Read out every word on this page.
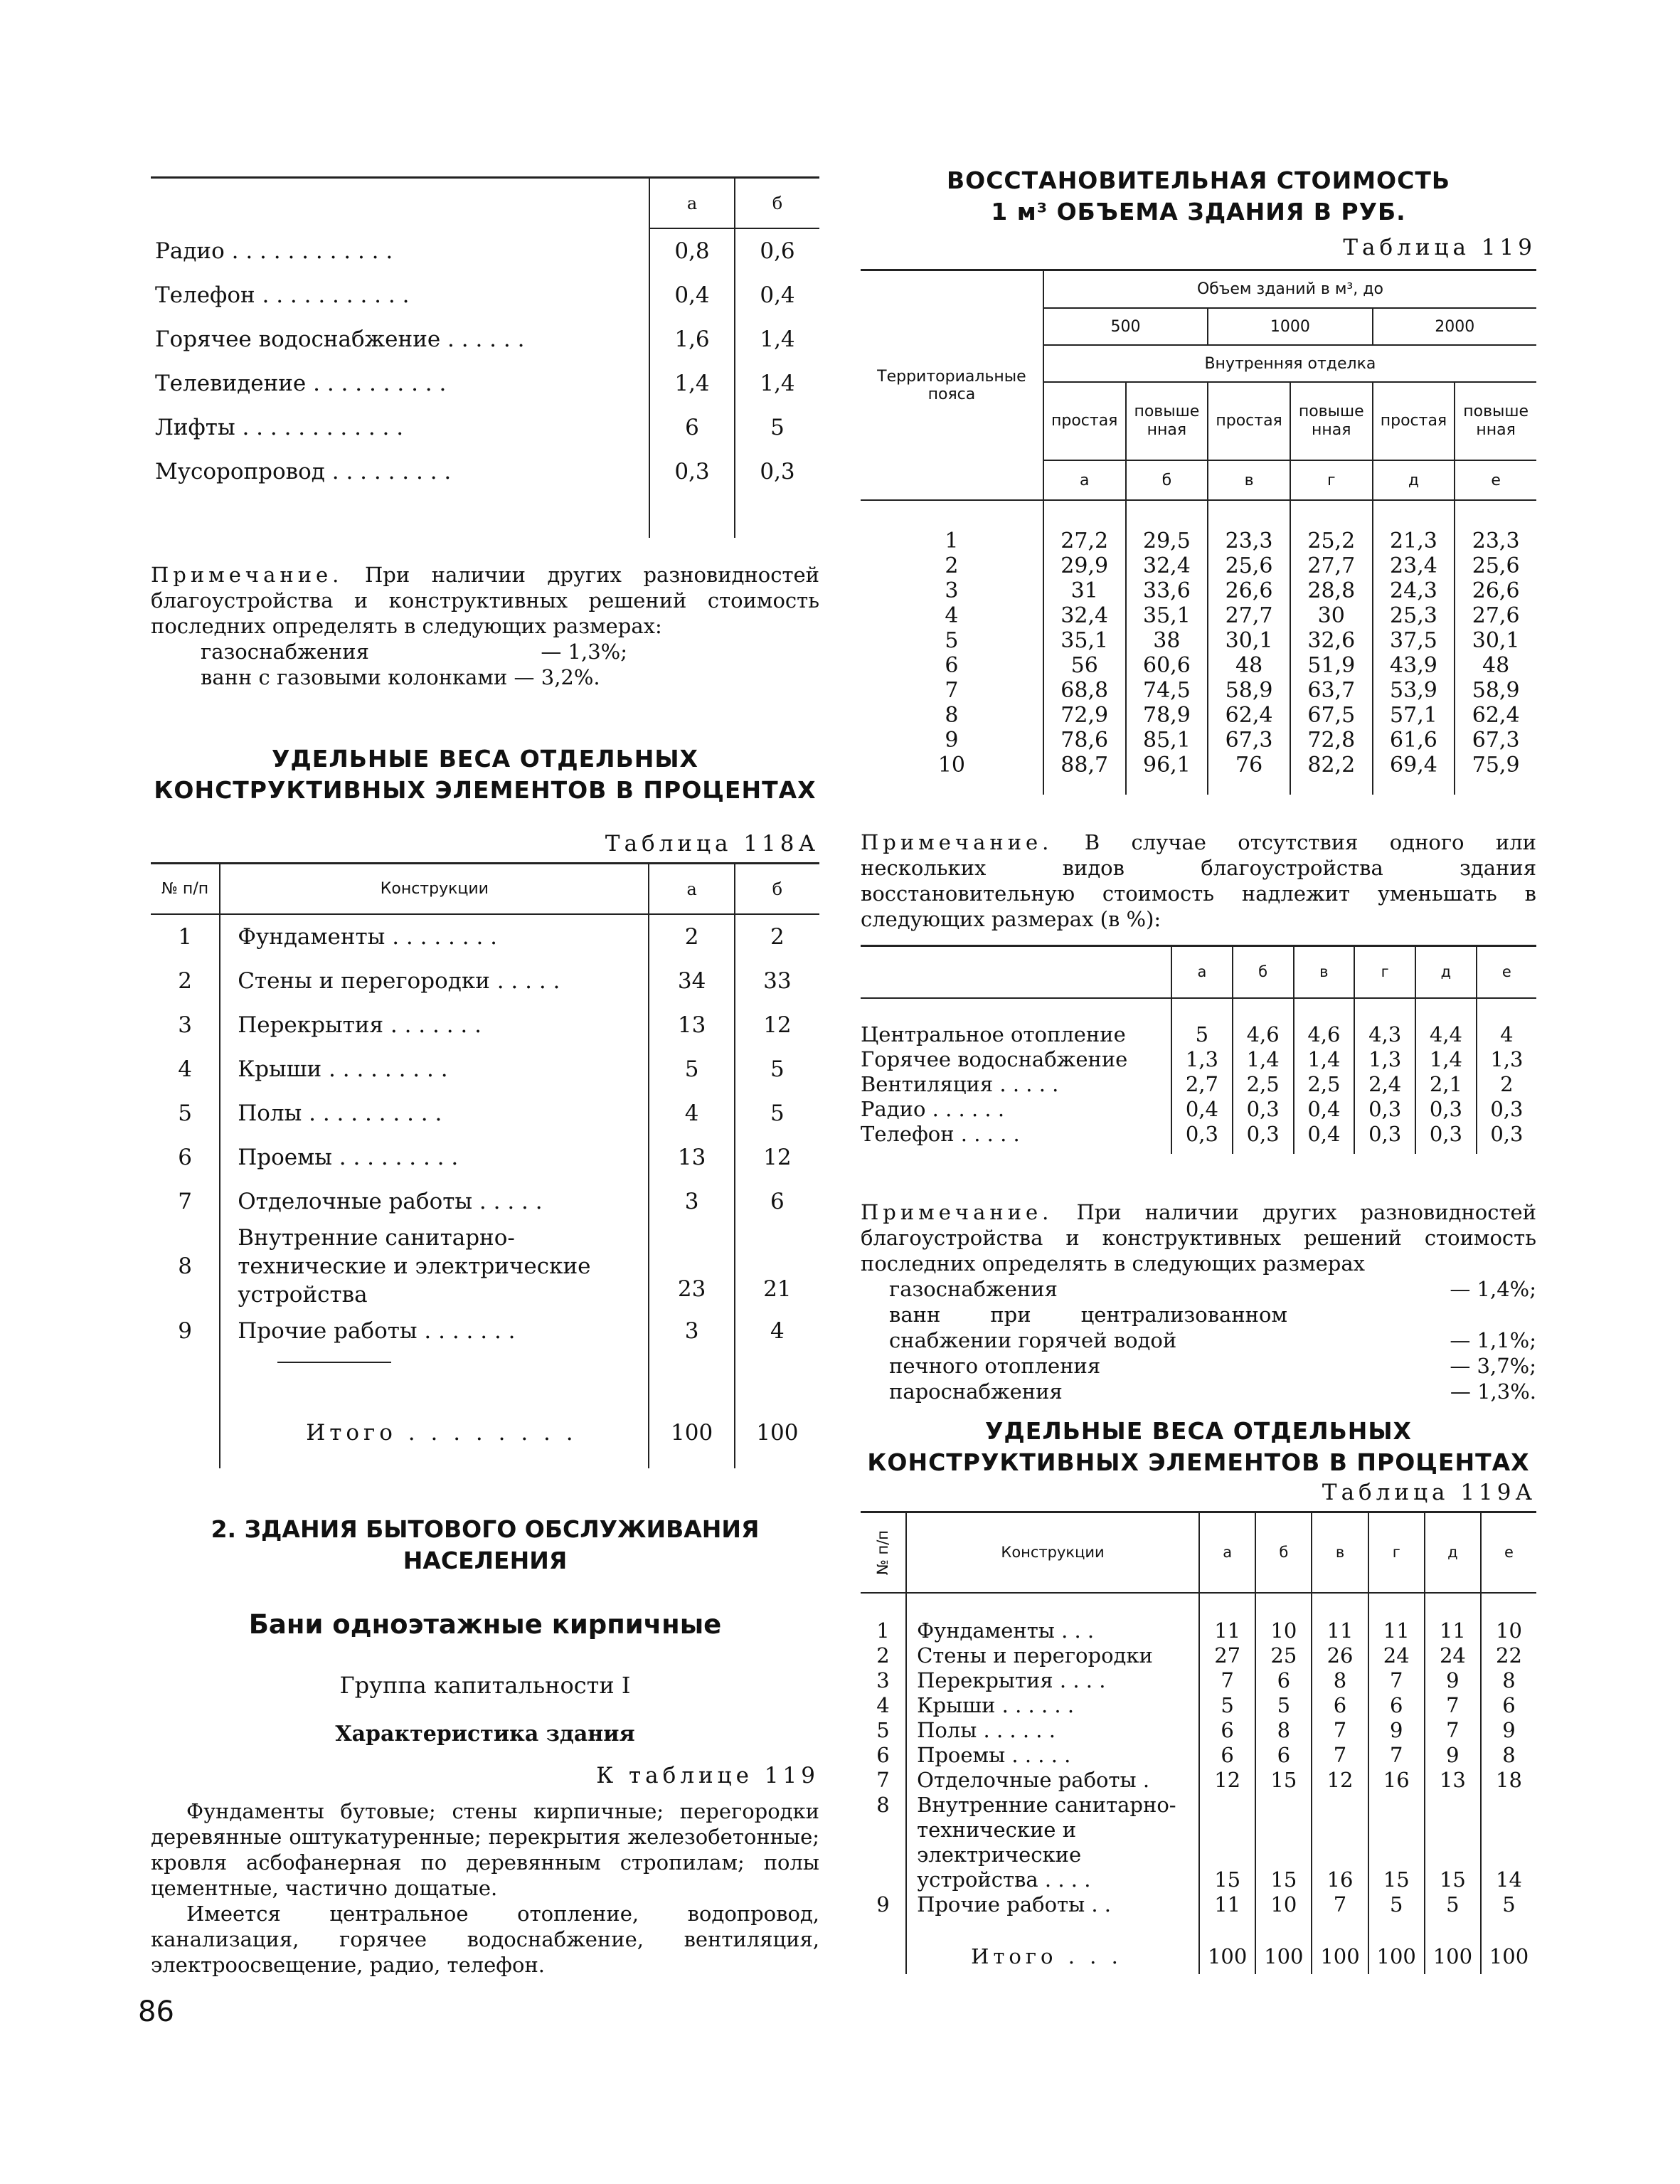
	а	б
Радио . . . . . . . . . . . .	0,8	0,6
Телефон . . . . . . . . . . .	0,4	0,4
Горячее водоснабжение . . . . . .	1,6	1,4
Телевидение . . . . . . . . . .	1,4	1,4
Лифты . . . . . . . . . . . .	6	5
Мусоропровод . . . . . . . . .	0,3	0,3

Примечание. При наличии других разновидностей благоустройства и конструктивных решений стоимость последних определять в следующих размерах:
газоснабжения	— 1,3%;
ванн с газовыми колонками — 3,2%.
УДЕЛЬНЫЕ ВЕСА ОТДЕЛЬНЫХ
КОНСТРУКТИВНЫХ ЭЛЕМЕНТОВ В ПРОЦЕНТАХ
Таблица 118А
№ п/п	Конструкции	а	б
1	Фундаменты . . . . . . . .	2	2
2	Стены и перегородки . . . . .	34	33
3	Перекрытия . . . . . . .	13	12
4	Крыши . . . . . . . . .	5	5
5	Полы . . . . . . . . . .	4	5
6	Проемы . . . . . . . . .	13	12
7	Отделочные работы . . . . .	3	6
8	Внутренние санитарно-технические и электрические устройства	23	21
9	Прочие работы . . . . . . .	3	4

	Итого . . . . . . . .	100	100
2. ЗДАНИЯ БЫТОВОГО ОБСЛУЖИВАНИЯ
НАСЕЛЕНИЯ
Бани одноэтажные кирпичные
Группа капитальности I
Характеристика здания
К таблице 119
Фундаменты бутовые; стены кирпичные; перегородки деревянные оштукатуренные; перекрытия железобетонные; кровля асбофанерная по деревянным стропилам; полы цементные, частично дощатые.
Имеется центральное отопление, водопровод, канализация, горячее водоснабжение, вентиляция, электроосвещение, радио, телефон.
86
ВОССТАНОВИТЕЛЬНАЯ СТОИМОСТЬ
1 м³ ОБЪЕМА ЗДАНИЯ В РУБ.
Таблица 119
Территориальные пояса	Объем зданий в м³, до					
	500		1000		2000	
	Внутренняя отделка					
	простая	повышенная	простая	повышенная	простая	повышенная
	а	б	в	г	д	е

1	27,2	29,5	23,3	25,2	21,3	23,3
2	29,9	32,4	25,6	27,7	23,4	25,6
3	31	33,6	26,6	28,8	24,3	26,6
4	32,4	35,1	27,7	30	25,3	27,6
5	35,1	38	30,1	32,6	37,5	30,1
6	56	60,6	48	51,9	43,9	48
7	68,8	74,5	58,9	63,7	53,9	58,9
8	72,9	78,9	62,4	67,5	57,1	62,4
9	78,6	85,1	67,3	72,8	61,6	67,3
10	88,7	96,1	76	82,2	69,4	75,9

Примечание. В случае отсутствия одного или нескольких видов благоустройства здания восстановительную стоимость надлежит уменьшать в следующих размерах (в %):
	а	б	в	г	д	е

Центральное отопление	5	4,6	4,6	4,3	4,4	4
Горячее водоснабжение	1,3	1,4	1,4	1,3	1,4	1,3
Вентиляция . . . . .	2,7	2,5	2,5	2,4	2,1	2
Радио . . . . . .	0,4	0,3	0,4	0,3	0,3	0,3
Телефон . . . . .	0,3	0,3	0,4	0,3	0,3	0,3

Примечание. При наличии других разновидностей благоустройства и конструктивных решений стоимость последних определять в следующих размерах
газоснабжения	— 1,4%;
ванн при централизованном снабжении горячей водой	— 1,1%;
печного отопления	— 3,7%;
пароснабжения	— 1,3%.
УДЕЛЬНЫЕ ВЕСА ОТДЕЛЬНЫХ
КОНСТРУКТИВНЫХ ЭЛЕМЕНТОВ В ПРОЦЕНТАХ
Таблица 119А
№ п/п	Конструкции	а	б	в	г	д	е

1	Фундаменты . . .	11	10	11	11	11	10
2	Стены и перегородки	27	25	26	24	24	22
3	Перекрытия . . . .	7	6	8	7	9	8
4	Крыши . . . . . .	5	5	6	6	7	6
5	Полы . . . . . .	6	8	7	9	7	9
6	Проемы . . . . .	6	6	7	7	9	8
7	Отделочные работы .	12	15	12	16	13	18
8	Внутренние санитарно-технические и электрические устройства . . . .	15	15	16	15	15	14
9	Прочие работы . .	11	10	7	5	5	5

	Итого . . .	100	100	100	100	100	100
